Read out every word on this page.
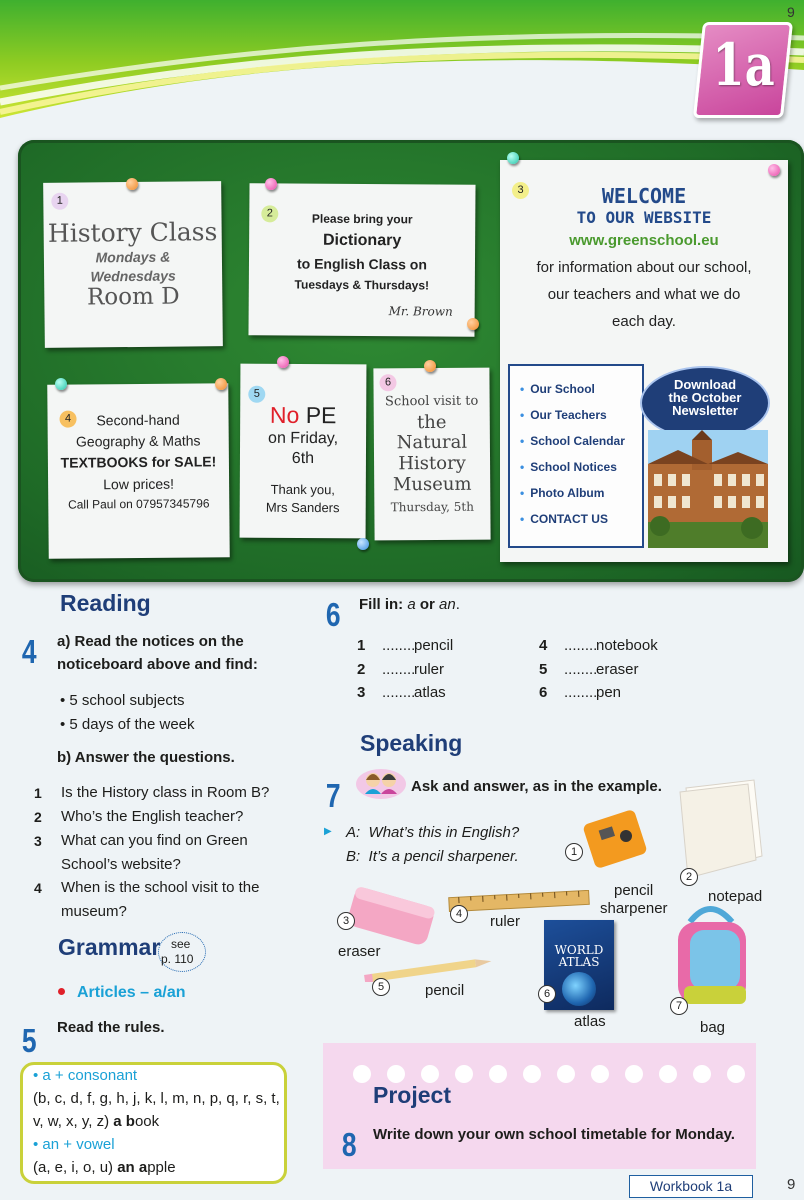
1a
9
1
History Class
Mondays &
Wednesdays
Room D
2	Please bring your
Dictionary
to English Class on
Tuesdays & Thursdays!
Mr. Brown
3	WELCOME
TO OUR WEBSITE
www.greenschool.eu
for information about our school, our teachers and what we do each day.
• Our School
• Our Teachers
• School Calendar
• School Notices
• Photo Album
• CONTACT US
Download
the October
Newsletter
4	Second-hand
Geography & Maths
TEXTBOOKS for SALE!
Low prices!
Call Paul on 07957345796
5
No PE
on Friday,
6th
Thank you,
Mrs Sanders
6
School visit to
the
Natural
History
Museum
Thursday, 5th
Reading
4 a) Read the notices on the
noticeboard above and find:
• 5 school subjects
• 5 days of the week
b) Answer the questions.
1 Is the History class in Room B?
2 Who’s the English teacher?
3 What can you find on Green
School’s website?
4 When is the school visit to the
museum?
Grammar see
p. 110
Articles – a/an
5 Read the rules.
• a + consonant
(b, c, d, f, g, h, j, k, l, m, n, p, q, r, s, t,
v, w, x, y, z) a book
• an + vowel
(a, e, i, o, u) an apple
6 Fill in: a or an.
1 ........
pencil
2 ........
ruler
3 ........
atlas
4 ........
notebook
5 ........
eraser
6 ........
pen
Speaking
7	Ask and answer, as in the example.
▶ A: What’s this in English?
B: It’s a pencil sharpener.	1
pencil
sharpener
2
notepad
3
eraser
4	ruler
5	pencil
WORLD
ATLAS
6
atlas
7
bag
Project
8 Write down your own school timetable for Monday.
Workbook 1a	9
